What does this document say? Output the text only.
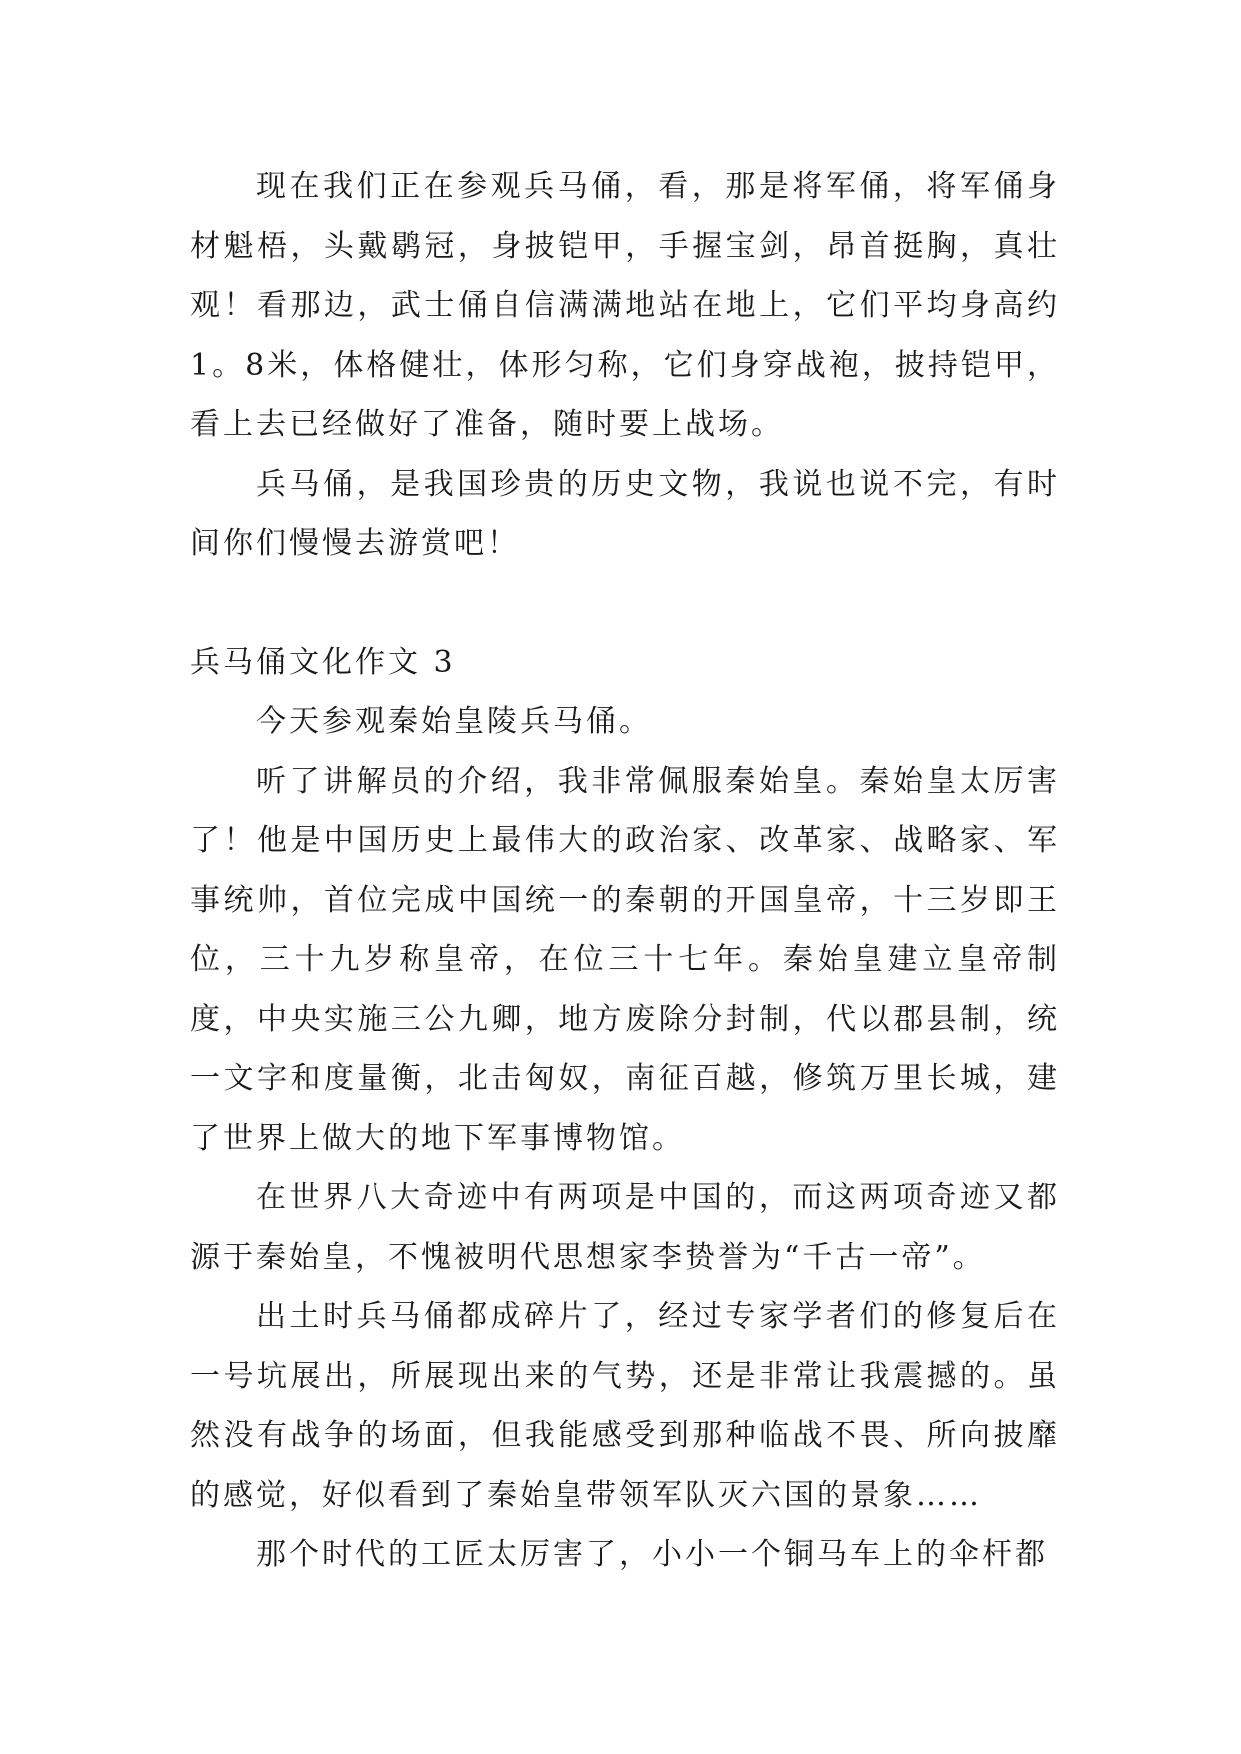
现在我们正在参观兵马俑，看，那是将军俑，将军俑身材魁梧，头戴鹖冠，身披铠甲，手握宝剑，昂首挺胸，真壮观！看那边，武士俑自信满满地站在地上，它们平均身高约1。8米，体格健壮，体形匀称，它们身穿战袍，披持铠甲，看上去已经做好了准备，随时要上战场。

兵马俑，是我国珍贵的历史文物，我说也说不完，有时间你们慢慢去游赏吧！

兵马俑文化作文 3

今天参观秦始皇陵兵马俑。

听了讲解员的介绍，我非常佩服秦始皇。秦始皇太厉害了！他是中国历史上最伟大的政治家、改革家、战略家、军事统帅，首位完成中国统一的秦朝的开国皇帝，十三岁即王位，三十九岁称皇帝，在位三十七年。秦始皇建立皇帝制度，中央实施三公九卿，地方废除分封制，代以郡县制，统一文字和度量衡，北击匈奴，南征百越，修筑万里长城，建了世界上做大的地下军事博物馆。

在世界八大奇迹中有两项是中国的，而这两项奇迹又都源于秦始皇，不愧被明代思想家李贽誉为“千古一帝”。

出土时兵马俑都成碎片了，经过专家学者们的修复后在一号坑展出，所展现出来的气势，还是非常让我震撼的。虽然没有战争的场面，但我能感受到那种临战不畏、所向披靡的感觉，好似看到了秦始皇带领军队灭六国的景象……

那个时代的工匠太厉害了，小小一个铜马车上的伞杆都
